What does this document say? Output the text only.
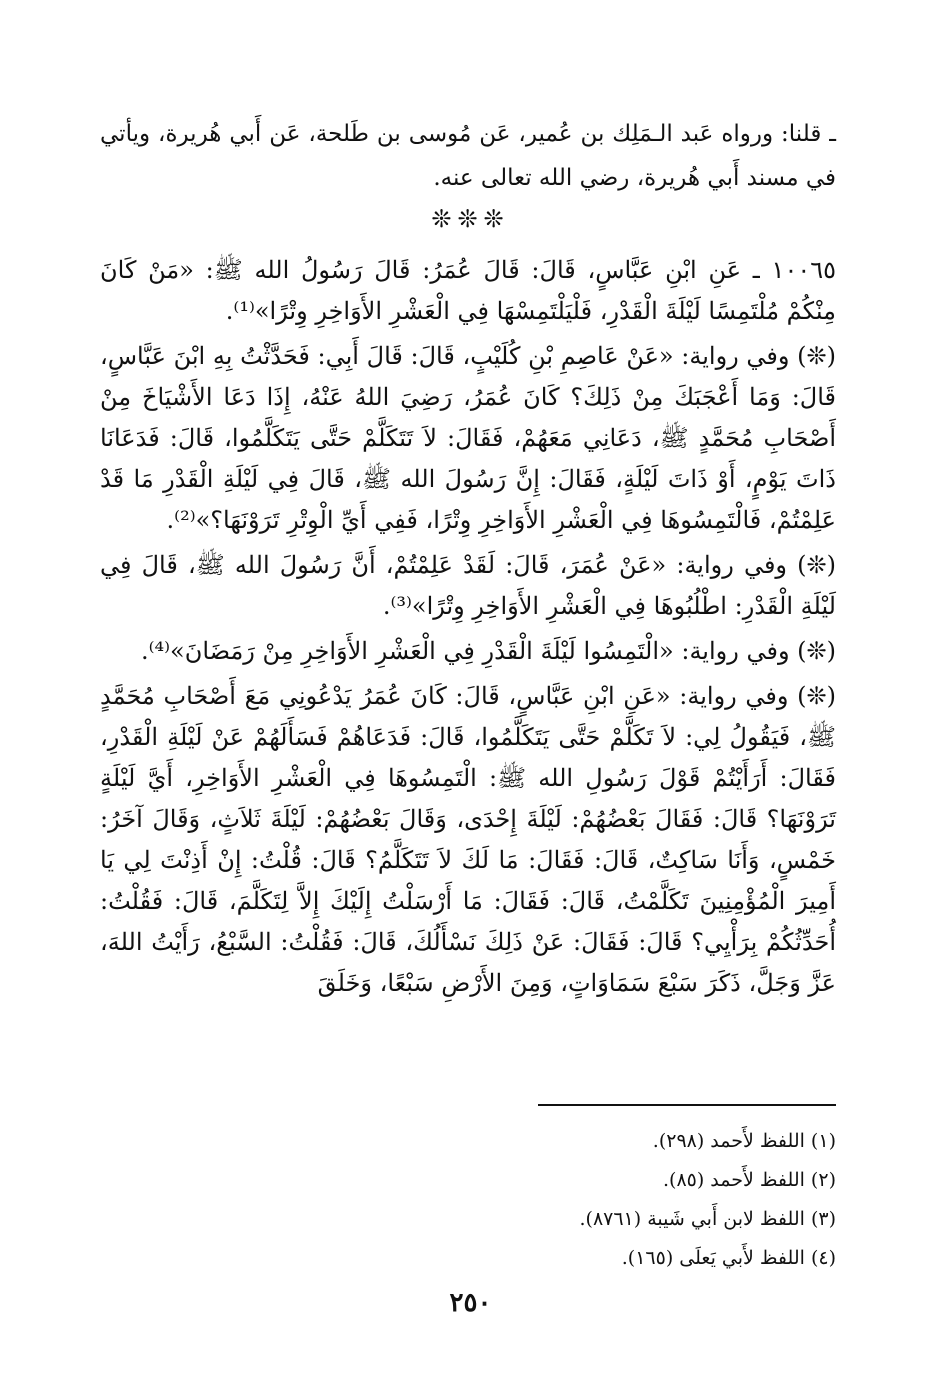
ـ قلنا: ورواه عَبد الـمَلِك بن عُمير، عَن مُوسى بن طَلحة، عَن أَبي هُريرة، ويأتي في مسند أَبي هُريرة، رضي الله تعالى عنه.

❊❊❊

١٠٠٦٥ ـ عَنِ ابْنِ عَبَّاسٍ، قَالَ: قَالَ عُمَرُ: قَالَ رَسُولُ الله ﷺ: «مَنْ كَانَ مِنْكُمْ مُلْتَمِسًا لَيْلَةَ الْقَدْرِ، فَلْيَلْتَمِسْهَا فِي الْعَشْرِ الأَوَاخِرِ وِتْرًا»⁽¹⁾.

(❊) وفي رواية: «عَنْ عَاصِمِ بْنِ كُلَيْبٍ، قَالَ: قَالَ أَبِي: فَحَدَّثْتُ بِهِ ابْنَ عَبَّاسٍ، قَالَ: وَمَا أَعْجَبَكَ مِنْ ذَلِكَ؟ كَانَ عُمَرُ، رَضِيَ اللهُ عَنْهُ، إِذَا دَعَا الأَشْيَاخَ مِنْ أَصْحَابِ مُحَمَّدٍ ﷺ، دَعَانِي مَعَهُمْ، فَقَالَ: لاَ تَتَكَلَّمْ حَتَّى يَتَكَلَّمُوا، قَالَ: فَدَعَانَا ذَاتَ يَوْمٍ، أَوْ ذَاتَ لَيْلَةٍ، فَقَالَ: إِنَّ رَسُولَ الله ﷺ، قَالَ فِي لَيْلَةِ الْقَدْرِ مَا قَدْ عَلِمْتُمْ، فَالْتَمِسُوهَا فِي الْعَشْرِ الأَوَاخِرِ وِتْرًا، فَفِي أَيِّ الْوِتْرِ تَرَوْنَهَا؟»⁽²⁾.

(❊) وفي رواية: «عَنْ عُمَرَ، قَالَ: لَقَدْ عَلِمْتُمْ، أَنَّ رَسُولَ الله ﷺ، قَالَ فِي لَيْلَةِ الْقَدْرِ: اطْلُبُوهَا فِي الْعَشْرِ الأَوَاخِرِ وِتْرًا»⁽³⁾.

(❊) وفي رواية: «الْتَمِسُوا لَيْلَةَ الْقَدْرِ فِي الْعَشْرِ الأَوَاخِرِ مِنْ رَمَضَانَ»⁽⁴⁾.

(❊) وفي رواية: «عَنِ ابْنِ عَبَّاسٍ، قَالَ: كَانَ عُمَرُ يَدْعُونِي مَعَ أَصْحَابِ مُحَمَّدٍ ﷺ، فَيَقُولُ لِي: لاَ تَكَلَّمْ حَتَّى يَتَكَلَّمُوا، قَالَ: فَدَعَاهُمْ فَسَأَلَهُمْ عَنْ لَيْلَةِ الْقَدْرِ، فَقَالَ: أَرَأَيْتُمْ قَوْلَ رَسُولِ الله ﷺ: الْتَمِسُوهَا فِي الْعَشْرِ الأَوَاخِرِ، أَيَّ لَيْلَةٍ تَرَوْنَهَا؟ قَالَ: فَقَالَ بَعْضُهُمْ: لَيْلَةَ إِحْدَى، وَقَالَ بَعْضُهُمْ: لَيْلَةَ ثَلاَثٍ، وَقَالَ آخَرُ: خَمْسٍ، وَأَنَا سَاكِتٌ، قَالَ: فَقَالَ: مَا لَكَ لاَ تَتَكَلَّمُ؟ قَالَ: قُلْتُ: إِنْ أَذِنْتَ لِي يَا أَمِيرَ الْمُؤْمِنِينَ تَكَلَّمْتُ، قَالَ: فَقَالَ: مَا أَرْسَلْتُ إِلَيْكَ إِلاَّ لِتَكَلَّمَ، قَالَ: فَقُلْتُ: أُحَدِّثُكُمْ بِرَأْيِي؟ قَالَ: فَقَالَ: عَنْ ذَلِكَ نَسْأَلُكَ، قَالَ: فَقُلْتُ: السَّبْعُ، رَأَيْتُ اللهَ، عَزَّ وَجَلَّ، ذَكَرَ سَبْعَ سَمَاوَاتٍ، وَمِنَ الأَرْضِ سَبْعًا، وَخَلَقَ

(١) اللفظ لأَحمد (٢٩٨).

(٢) اللفظ لأَحمد (٨٥).

(٣) اللفظ لابن أَبي شَيبة (٨٧٦١).

(٤) اللفظ لأَبي يَعلَى (١٦٥).

٢٥٠
